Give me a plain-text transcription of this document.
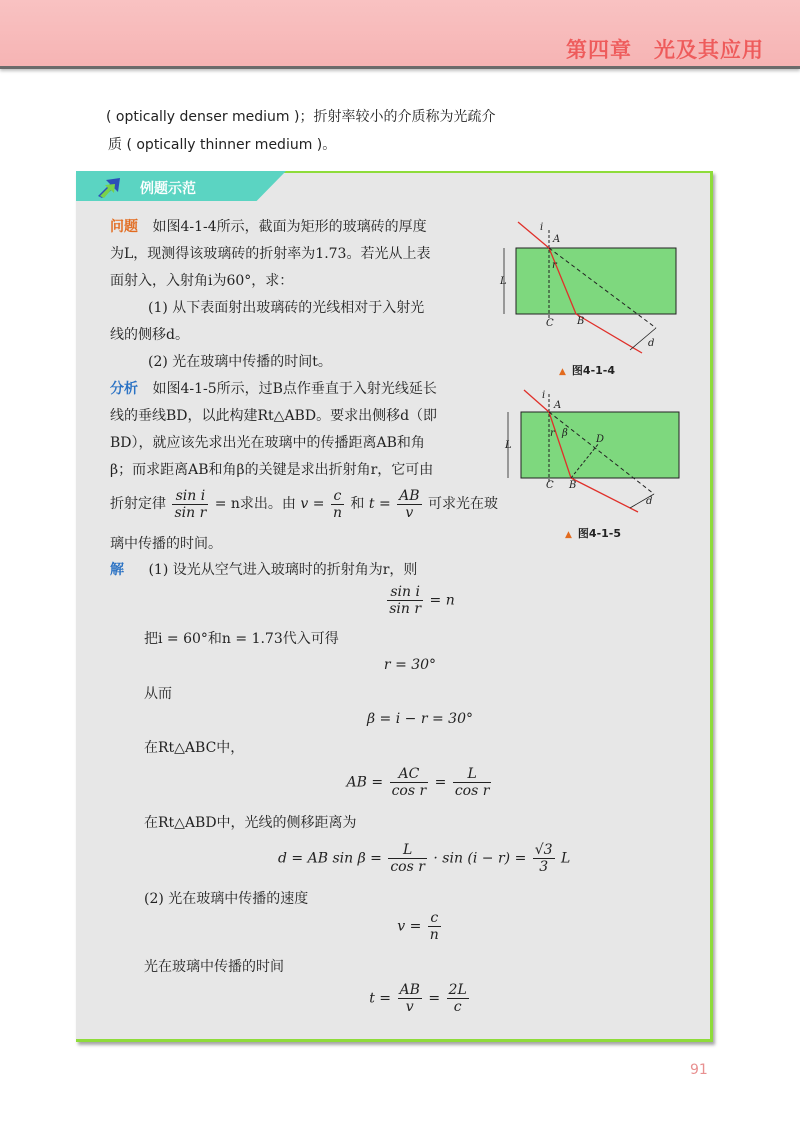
第四章　光及其应用
( optically denser medium )；折射率较小的介质称为光疏介
质 ( optically thinner medium )。
例题示范
问题 如图4-1-4所示，截面为矩形的玻璃砖的厚度
为L，现测得该玻璃砖的折射率为1.73。若光从上表
面射入，入射角i为60°，求：
(1) 从下表面射出玻璃砖的光线相对于入射光
线的侧移d。
(2) 光在玻璃中传播的时间t。
分析 如图4-1-5所示，过B点作垂直于入射光线延长
线的垂线BD，以此构建Rt△ABD。要求出侧移d（即
BD），就应该先求出光在玻璃中的传播距离AB和角
β；而求距离AB和角β的关键是求出折射角r，它可由
折射定律 $\frac{\text{sin i}}{\text{sin r}} = n$求出。由 $v = \frac{c}{n}$ 和 $t = \frac{AB}{v}$ 可求光在玻
璃中传播的时间。
解 (1) 设光从空气进入玻璃时的折射角为r，则
$\frac{\text{sin i}}{\text{sin r}} = n$
把i = 60°和n = 1.73代入可得
r = 30°
从而
β = i − r = 30°
在Rt△ABC中，
AB = $\frac{AC}{\text{cos r}} = \frac{L}{\text{cos r}}$
在Rt△ABD中，光线的侧移距离为
d = AB $\sin \beta = \frac{L}{\text{cos r}} \cdot \sin (i - r) = \frac{√3}{3}$ L
(2) 光在玻璃中传播的速度
$v = \frac{c}{n}$
光在玻璃中传播的时间
$t = \frac{AB}{v} = \frac{2L}{c}$
i
A
r
L
C B
d
▲ 图4-1-4
i
A
r β
D
L
C B
d
▲ 图4-1-5
91
